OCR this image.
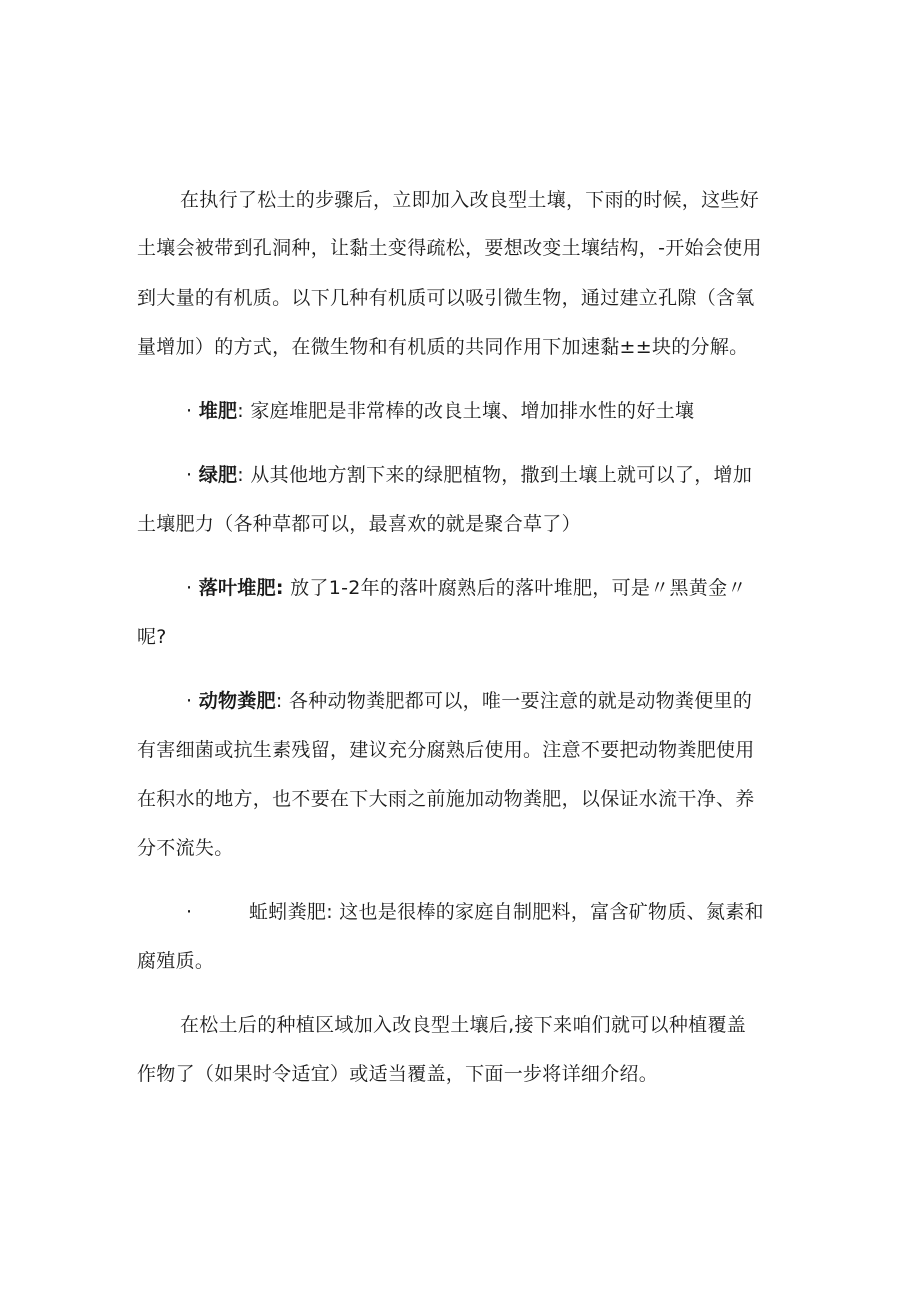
在执行了松土的步骤后，立即加入改良型土壤，下雨的时候，这些好
土壤会被带到孔洞种，让黏土变得疏松，要想改变土壤结构，-开始会使用
到大量的有机质。以下几种有机质可以吸引微生物，通过建立孔隙（含氧
量增加）的方式，在微生物和有机质的共同作用下加速黏±±块的分解。
· 堆肥: 家庭堆肥是非常棒的改良土壤、增加排水性的好土壤
· 绿肥: 从其他地方割下来的绿肥植物，撒到土壤上就可以了，增加
土壤肥力（各种草都可以，最喜欢的就是聚合草了）
· 落叶堆肥: 放了1-2年的落叶腐熟后的落叶堆肥，可是〃黑黄金〃
呢?
· 动物粪肥: 各种动物粪肥都可以，唯一要注意的就是动物粪便里的
有害细菌或抗生素残留，建议充分腐熟后使用。注意不要把动物粪肥使用
在积水的地方，也不要在下大雨之前施加动物粪肥，以保证水流干净、养
分不流失。
·	蚯蚓粪肥: 这也是很棒的家庭自制肥料，富含矿物质、氮素和
腐殖质。
在松土后的种植区域加入改良型土壤后,接下来咱们就可以种植覆盖
作物了（如果时令适宜）或适当覆盖，下面一步将详细介绍。
